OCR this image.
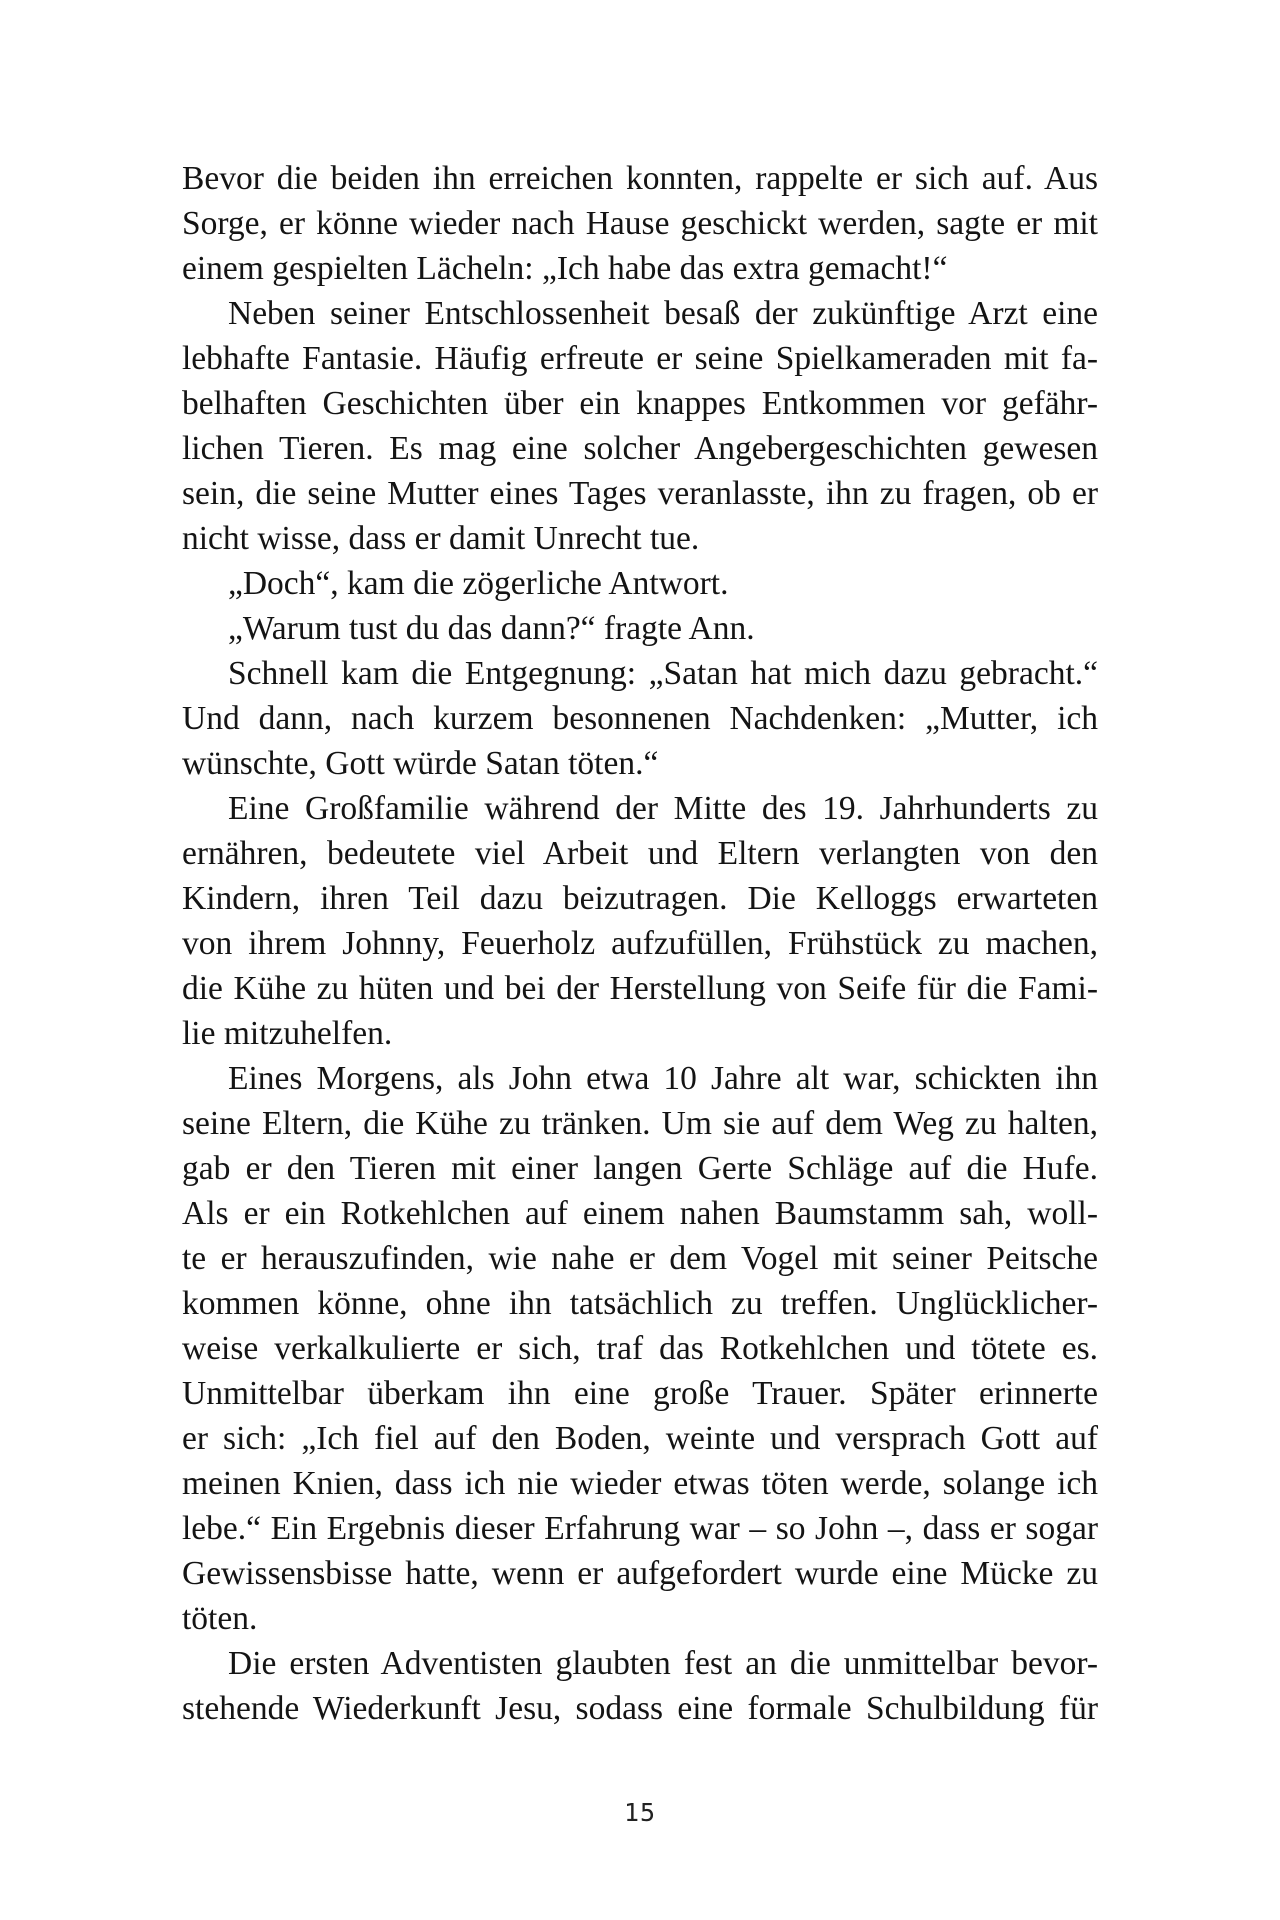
Bevor die beiden ihn erreichen konnten, rappelte er sich auf. Aus
Sorge, er könne wieder nach Hause geschickt werden, sagte er mit
einem gespielten Lächeln: „Ich habe das extra gemacht!“
Neben seiner Entschlossenheit besaß der zukünftige Arzt eine
lebhafte Fantasie. Häufig erfreute er seine Spielkameraden mit fa-
belhaften Geschichten über ein knappes Entkommen vor gefähr-
lichen Tieren. Es mag eine solcher Angebergeschichten gewesen
sein, die seine Mutter eines Tages veranlasste, ihn zu fragen, ob er
nicht wisse, dass er damit Unrecht tue.
„Doch“, kam die zögerliche Antwort.
„Warum tust du das dann?“ fragte Ann.
Schnell kam die Entgegnung: „Satan hat mich dazu gebracht.“
Und dann, nach kurzem besonnenen Nachdenken: „Mutter, ich
wünschte, Gott würde Satan töten.“
Eine Großfamilie während der Mitte des 19. Jahrhunderts zu
ernähren, bedeutete viel Arbeit und Eltern verlangten von den
Kindern, ihren Teil dazu beizutragen. Die Kelloggs erwarteten
von ihrem Johnny, Feuerholz aufzufüllen, Frühstück zu machen,
die Kühe zu hüten und bei der Herstellung von Seife für die Fami-
lie mitzuhelfen.
Eines Morgens, als John etwa 10 Jahre alt war, schickten ihn
seine Eltern, die Kühe zu tränken. Um sie auf dem Weg zu halten,
gab er den Tieren mit einer langen Gerte Schläge auf die Hufe.
Als er ein Rotkehlchen auf einem nahen Baumstamm sah, woll-
te er herauszufinden, wie nahe er dem Vogel mit seiner Peitsche
kommen könne, ohne ihn tatsächlich zu treffen. Unglücklicher-
weise verkalkulierte er sich, traf das Rotkehlchen und tötete es.
Unmittelbar überkam ihn eine große Trauer. Später erinnerte
er sich: „Ich fiel auf den Boden, weinte und versprach Gott auf
meinen Knien, dass ich nie wieder etwas töten werde, solange ich
lebe.“ Ein Ergebnis dieser Erfahrung war – so John –, dass er sogar
Gewissensbisse hatte, wenn er aufgefordert wurde eine Mücke zu
töten.
Die ersten Adventisten glaubten fest an die unmittelbar bevor-
stehende Wiederkunft Jesu, sodass eine formale Schulbildung für
15
